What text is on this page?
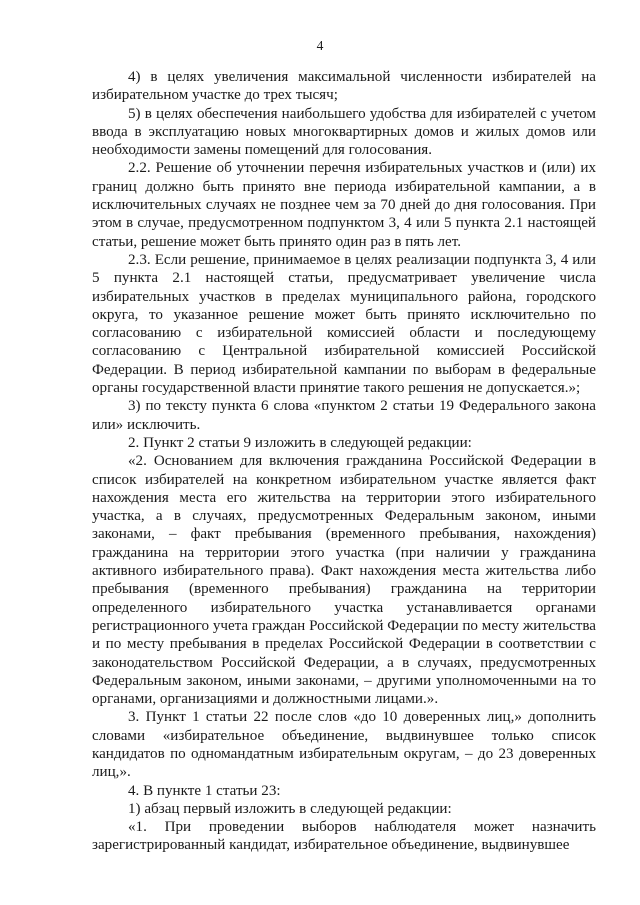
4

4) в целях увеличения максимальной численности избирателей на избирательном участке до трех тысяч;

5) в целях обеспечения наибольшего удобства для избирателей с учетом ввода в эксплуатацию новых многоквартирных домов и жилых домов или необходимости замены помещений для голосования.

2.2. Решение об уточнении перечня избирательных участков и (или) их границ должно быть принято вне периода избирательной кампании, а в исключительных случаях не позднее чем за 70 дней до дня голосования. При этом в случае, предусмотренном подпунктом 3, 4 или 5 пункта 2.1 настоящей статьи, решение может быть принято один раз в пять лет.

2.3. Если решение, принимаемое в целях реализации подпункта 3, 4 или 5 пункта 2.1 настоящей статьи, предусматривает увеличение числа избирательных участков в пределах муниципального района, городского округа, то указанное решение может быть принято исключительно по согласованию с избирательной комиссией области и последующему согласованию с Центральной избирательной комиссией Российской Федерации. В период избирательной кампании по выборам в федеральные органы государственной власти принятие такого решения не допускается.»;

3) по тексту пункта 6 слова «пунктом 2 статьи 19 Федерального закона или» исключить.

2. Пункт 2 статьи 9 изложить в следующей редакции:

«2. Основанием для включения гражданина Российской Федерации в список избирателей на конкретном избирательном участке является факт нахождения места его жительства на территории этого избирательного участка, а в случаях, предусмотренных Федеральным законом, иными законами, – факт пребывания (временного пребывания, нахождения) гражданина на территории этого участка (при наличии у гражданина активного избирательного права). Факт нахождения места жительства либо пребывания (временного пребывания) гражданина на территории определенного избирательного участка устанавливается органами регистрационного учета граждан Российской Федерации по месту жительства и по месту пребывания в пределах Российской Федерации в соответствии с законодательством Российской Федерации, а в случаях, предусмотренных Федеральным законом, иными законами, – другими уполномоченными на то органами, организациями и должностными лицами.».

3. Пункт 1 статьи 22 после слов «до 10 доверенных лиц,» дополнить словами «избирательное объединение, выдвинувшее только список кандидатов по одномандатным избирательным округам, – до 23 доверенных лиц,».

4. В пункте 1 статьи 23:

1) абзац первый изложить в следующей редакции:

«1. При проведении выборов наблюдателя может назначить зарегистрированный кандидат, избирательное объединение, выдвинувшее
